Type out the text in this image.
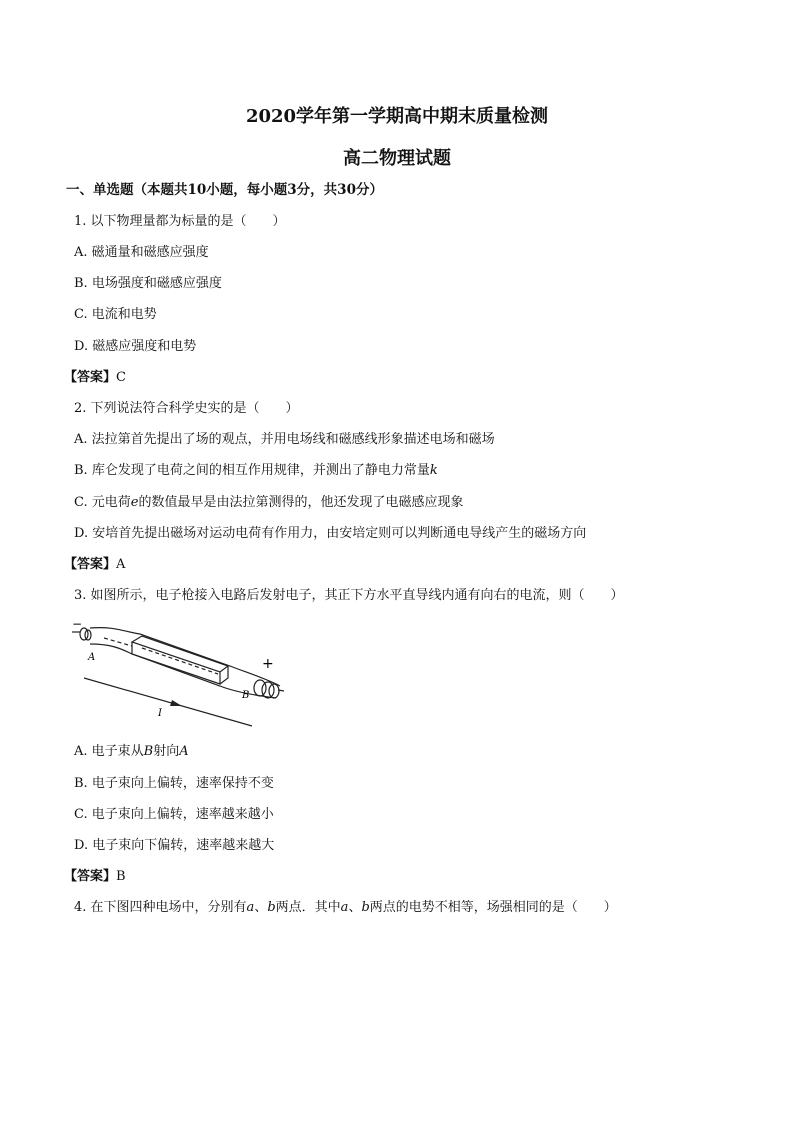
2020学年第一学期高中期末质量检测
高二物理试题
一、单选题（本题共10小题，每小题3分，共30分）
1. 以下物理量都为标量的是（　　）
A. 磁通量和磁感应强度
B. 电场强度和磁感应强度
C. 电流和电势
D. 磁感应强度和电势
【答案】C
2. 下列说法符合科学史实的是（　　）
A. 法拉第首先提出了场的观点，并用电场线和磁感线形象描述电场和磁场
B. 库仑发现了电荷之间的相互作用规律，并测出了静电力常量k
C. 元电荷e的数值最早是由法拉第测得的，他还发现了电磁感应现象
D. 安培首先提出磁场对运动电荷有作用力，由安培定则可以判断通电导线产生的磁场方向
【答案】A
3. 如图所示，电子枪接入电路后发射电子，其正下方水平直导线内通有向右的电流，则（　　）
−
+
A
B
I
A. 电子束从B射向A
B. 电子束向上偏转，速率保持不变
C. 电子束向上偏转，速率越来越小
D. 电子束向下偏转，速率越来越大
【答案】B
4. 在下图四种电场中，分别有a、b两点．其中a、b两点的电势不相等，场强相同的是（　　）
